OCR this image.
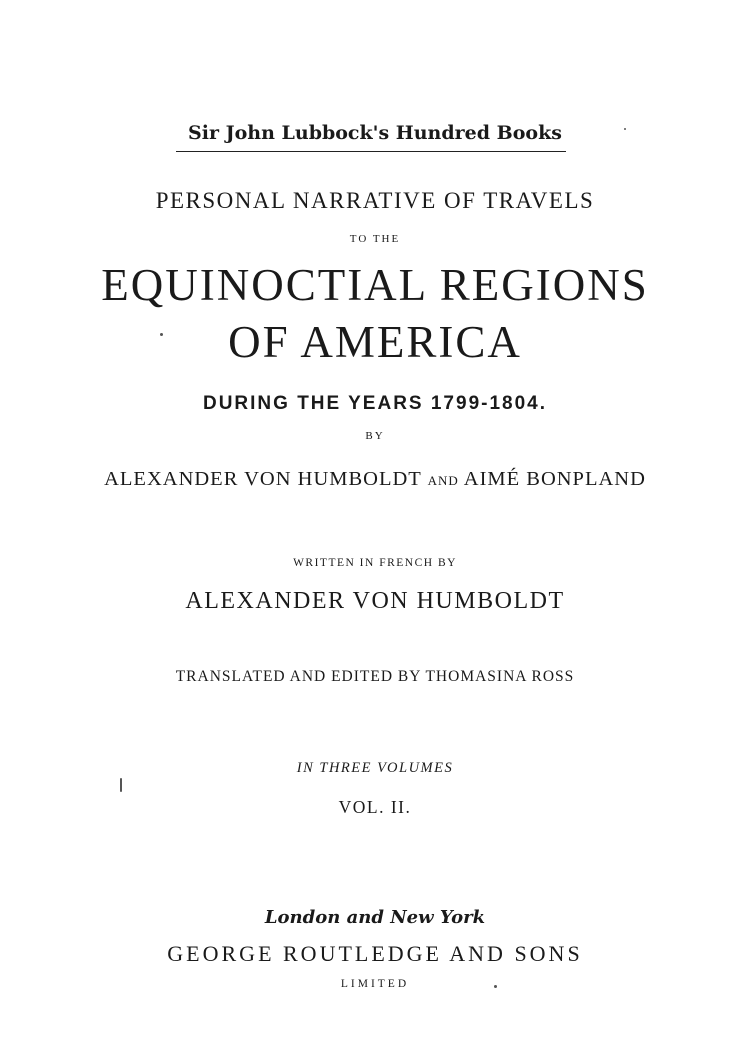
Sir John Lubbock's Hundred Books
PERSONAL NARRATIVE OF TRAVELS
TO THE
EQUINOCTIAL REGIONS
OF AMERICA
DURING THE YEARS 1799-1804.
BY
ALEXANDER VON HUMBOLDT AND AIMÉ BONPLAND
WRITTEN IN FRENCH BY
ALEXANDER VON HUMBOLDT
TRANSLATED AND EDITED BY THOMASINA ROSS
IN THREE VOLUMES
VOL. II.
London and New York
GEORGE ROUTLEDGE AND SONS
LIMITED
